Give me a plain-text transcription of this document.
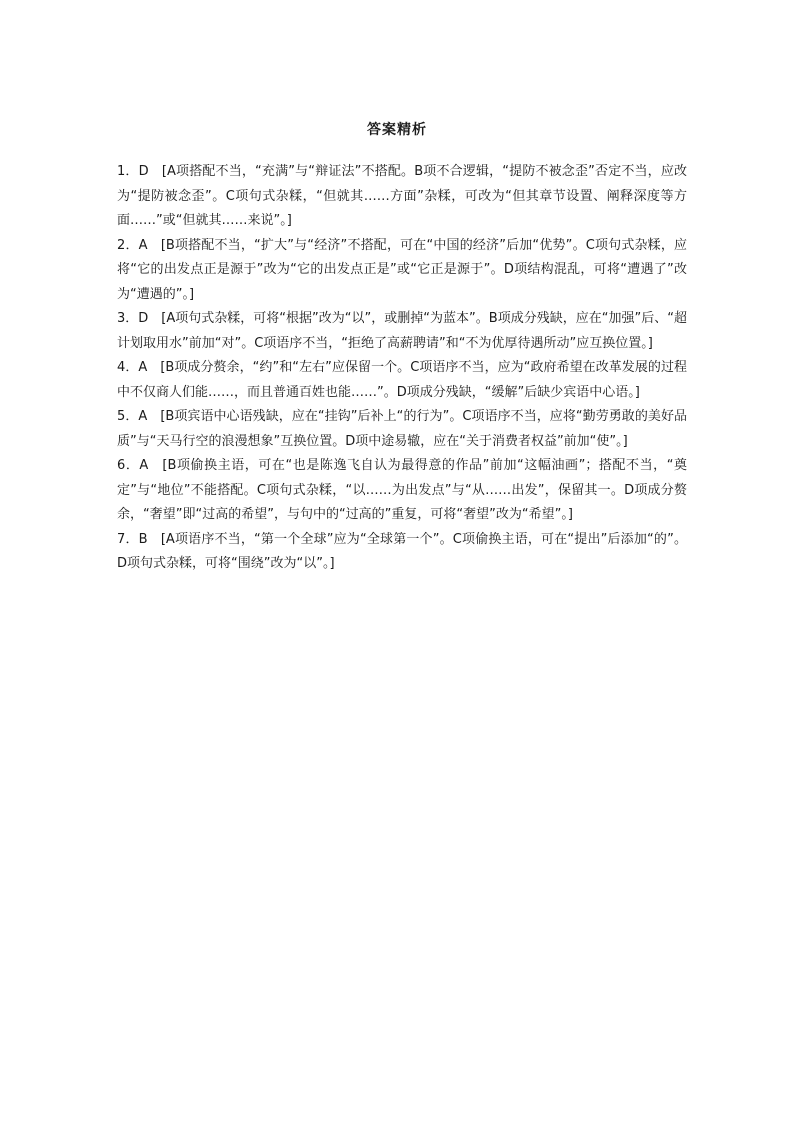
答案精析

1．D　[A项搭配不当，“充满”与“辩证法”不搭配。B项不合逻辑，“提防不被念歪”否定不当，应改为“提防被念歪”。C项句式杂糅，“但就其……方面”杂糅，可改为“但其章节设置、阐释深度等方面……”或“但就其……来说”。]

2．A　[B项搭配不当，“扩大”与“经济”不搭配，可在“中国的经济”后加“优势”。C项句式杂糅，应将“它的出发点正是源于”改为“它的出发点正是”或“它正是源于”。D项结构混乱，可将“遭遇了”改为“遭遇的”。]

3．D　[A项句式杂糅，可将“根据”改为“以”，或删掉“为蓝本”。B项成分残缺，应在“加强”后、“超计划取用水”前加“对”。C项语序不当，“拒绝了高薪聘请”和“不为优厚待遇所动”应互换位置。]

4．A　[B项成分赘余，“约”和“左右”应保留一个。C项语序不当，应为“政府希望在改革发展的过程中不仅商人们能……，而且普通百姓也能……”。D项成分残缺，“缓解”后缺少宾语中心语。]

5．A　[B项宾语中心语残缺，应在“挂钩”后补上“的行为”。C项语序不当，应将“勤劳勇敢的美好品质”与“天马行空的浪漫想象”互换位置。D项中途易辙，应在“关于消费者权益”前加“使”。]

6．A　[B项偷换主语，可在“也是陈逸飞自认为最得意的作品”前加“这幅油画”；搭配不当，“奠定”与“地位”不能搭配。C项句式杂糅，“以……为出发点”与“从……出发”，保留其一。D项成分赘余，“奢望”即“过高的希望”，与句中的“过高的”重复，可将“奢望”改为“希望”。]

7．B　[A项语序不当，“第一个全球”应为“全球第一个”。C项偷换主语，可在“提出”后添加“的”。D项句式杂糅，可将“围绕”改为“以”。]
